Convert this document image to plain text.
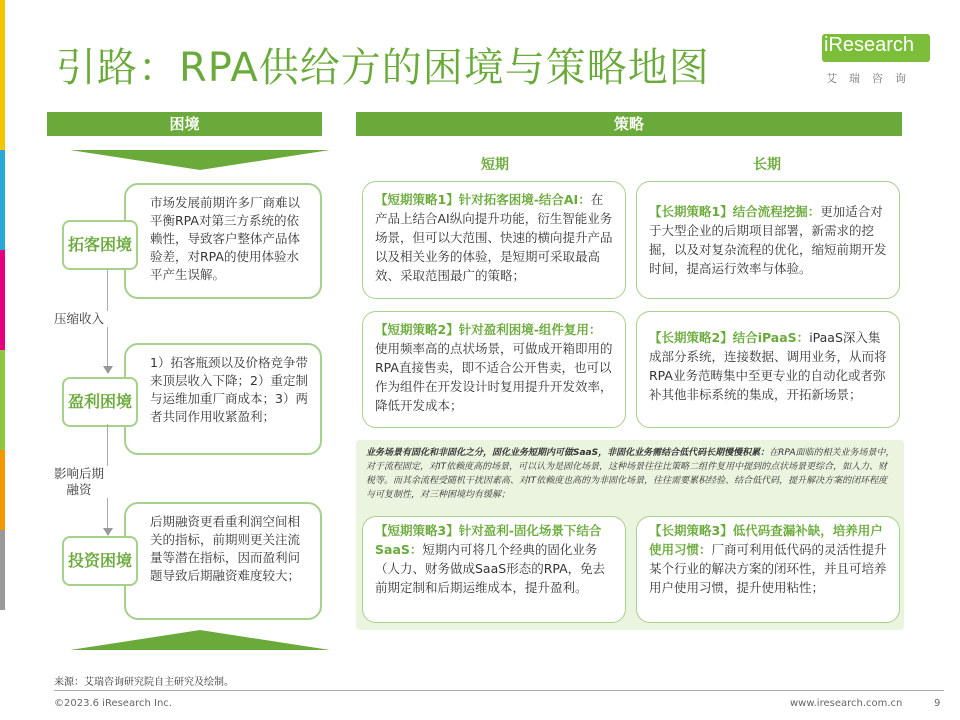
引路：RPA供给方的困境与策略地图	iResearch
艾瑞咨询
困境	策略
短期	长期
市场发展前期许多厂商难以平衡RPA对第三方系统的依赖性，导致客户整体产品体验差，对RPA的使用体验水平产生误解。
拓客困境
1）拓客瓶颈以及价格竞争带来顶层收入下降；2）重定制与运维加重厂商成本；3）两者共同作用收紧盈利；
盈利困境
后期融资更看重利润空间相关的指标，前期则更关注流量等潜在指标，因而盈利问题导致后期融资难度较大；
投资困境
压缩收入
影响后期融资
【短期策略1】针对拓客困境-结合AI：在产品上结合AI纵向提升功能，衍生智能业务场景，但可以大范围、快速的横向提升产品以及相关业务的体验，是短期可采取最高效、采取范围最广的策略；
【短期策略2】针对盈利困境-组件复用：使用频率高的点状场景，可做成开箱即用的RPA直接售卖，即不适合公开售卖，也可以作为组件在开发设计时复用提升开发效率，降低开发成本；
【长期策略1】结合流程挖掘：更加适合对于大型企业的后期项目部署，新需求的挖掘，以及对复杂流程的优化，缩短前期开发时间，提高运行效率与体验。
【长期策略2】结合iPaaS：iPaaS深入集成部分系统，连接数据、调用业务，从而将RPA业务范畴集中至更专业的自动化或者弥补其他非标系统的集成，开拓新场景；
业务场景有固化和非固化之分，固化业务短期内可做SaaS，非固化业务需结合低代码长期慢慢积累：在RPA面临的相关业务场景中，对于流程固定，对IT依赖度高的场景，可以认为是固化场景，这种场景往往比策略二组件复用中提到的点状场景更综合，如人力、财税等。而其余流程受随机干扰因素高、对IT依赖度也高的为非固化场景，往往需要累积经验、结合低代码，提升解决方案的闭环程度与可复制性，对三种困境均有缓解；
【短期策略3】针对盈利-固化场景下结合SaaS：短期内可将几个经典的固化业务（人力、财务做成SaaS形态的RPA，免去前期定制和后期运维成本，提升盈利。
【长期策略3】低代码查漏补缺，培养用户使用习惯：厂商可利用低代码的灵活性提升某个行业的解决方案的闭环性，并且可培养用户使用习惯，提升使用粘性；
来源：艾瑞咨询研究院自主研究及绘制。
©2023.6 iResearch Inc.	www.iresearch.com.cn	9
